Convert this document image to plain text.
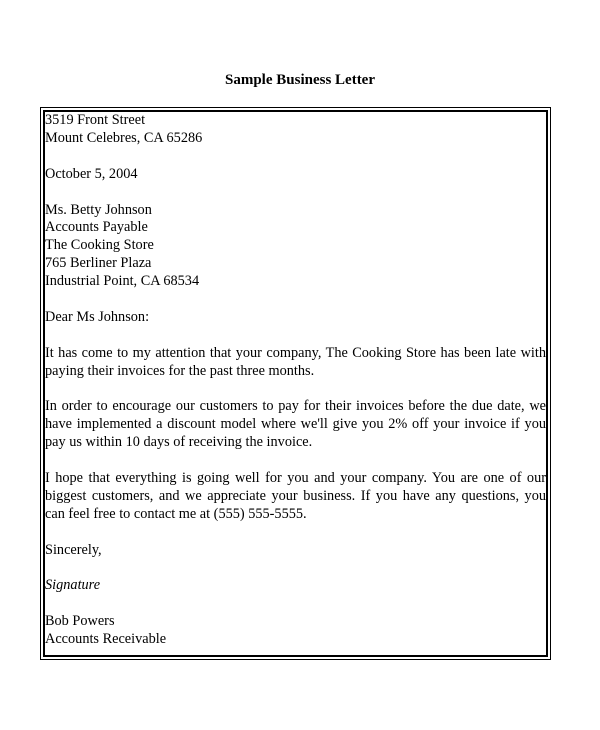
Sample Business Letter

3519 Front Street
Mount Celebres, CA 65286

October 5, 2004

Ms. Betty Johnson
Accounts Payable
The Cooking Store
765 Berliner Plaza
Industrial Point, CA 68534

Dear Ms Johnson:

It has come to my attention that your company, The Cooking Store has been late with paying their invoices for the past three months.

In order to encourage our customers to pay for their invoices before the due date, we have implemented a discount model where we'll give you 2% off your invoice if you pay us within 10 days of receiving the invoice.

I hope that everything is going well for you and your company. You are one of our biggest customers, and we appreciate your business. If you have any questions, you can feel free to contact me at (555) 555-5555.

Sincerely,

Signature

Bob Powers
Accounts Receivable
